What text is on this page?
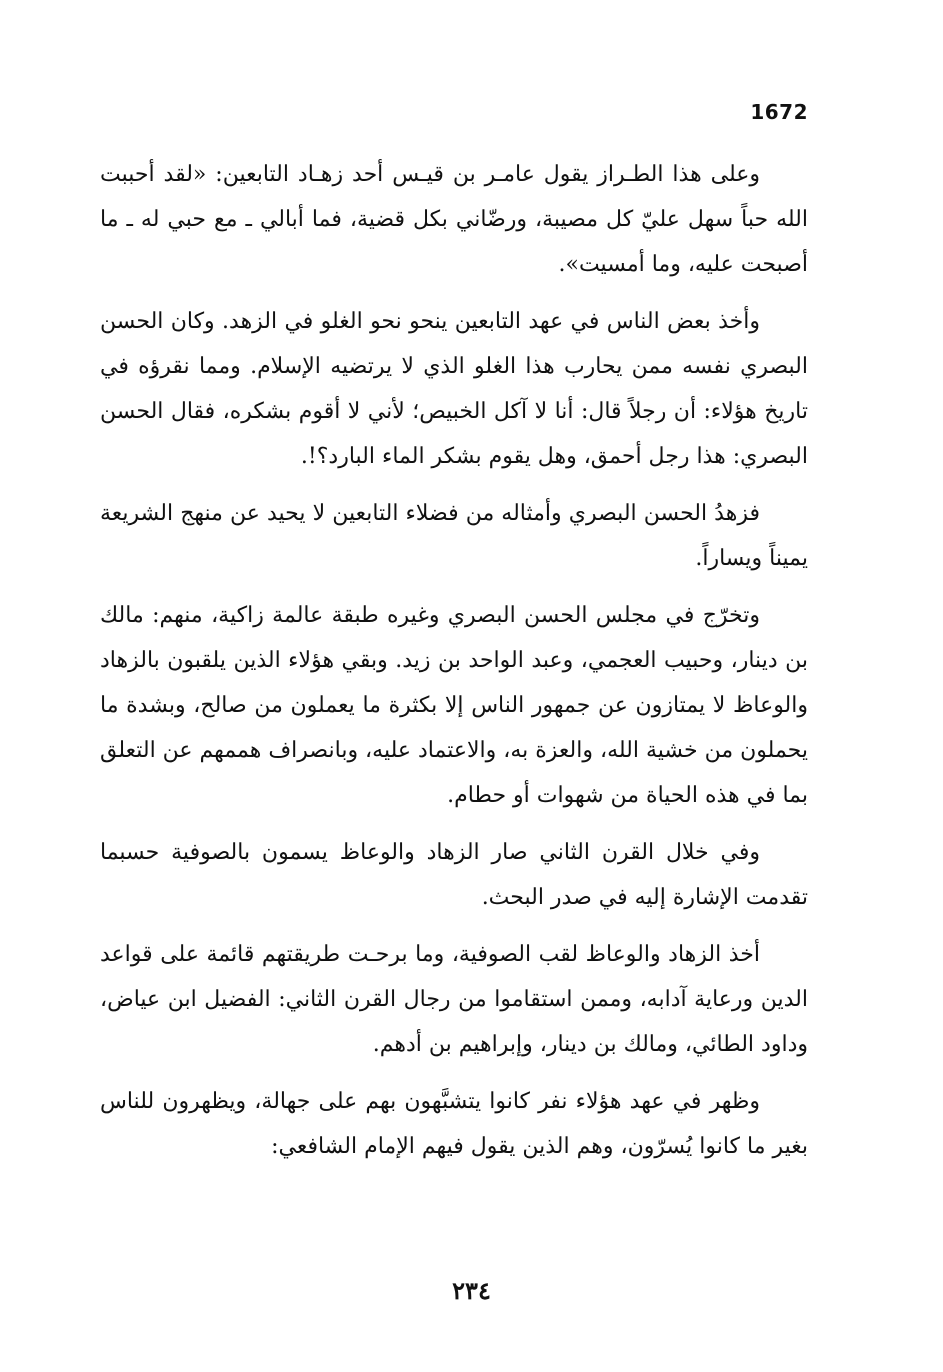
1672

وعلى هذا الطـراز يقول عامـر بن قيـس أحد زهـاد التابعين: «لقد أحببت الله حباً سهل عليّ كل مصيبة، ورضّاني بكل قضية، فما أبالي ـ مع حبي له ـ ما أصبحت عليه، وما أمسيت».

وأخذ بعض الناس في عهد التابعين ينحو نحو الغلو في الزهد. وكان الحسن البصري نفسه ممن يحارب هذا الغلو الذي لا يرتضيه الإسلام. ومما نقرؤه في تاريخ هؤلاء: أن رجلاً قال: أنا لا آكل الخبيص؛ لأني لا أقوم بشكره، فقال الحسن البصري: هذا رجل أحمق، وهل يقوم بشكر الماء البارد؟!.

فزهدُ الحسن البصري وأمثاله من فضلاء التابعين لا يحيد عن منهج الشريعة يميناً ويساراً.

وتخرّج في مجلس الحسن البصري وغيره طبقة عالمة زاكية، منهم: مالك بن دينار، وحبيب العجمي، وعبد الواحد بن زيد. وبقي هؤلاء الذين يلقبون بالزهاد والوعاظ لا يمتازون عن جمهور الناس إلا بكثرة ما يعملون من صالح، وبشدة ما يحملون من خشية الله، والعزة به، والاعتماد عليه، وبانصراف هممهم عن التعلق بما في هذه الحياة من شهوات أو حطام.

وفي خلال القرن الثاني صار الزهاد والوعاظ يسمون بالصوفية حسبما تقدمت الإشارة إليه في صدر البحث.

أخذ الزهاد والوعاظ لقب الصوفية، وما برحـت طريقتهم قائمة على قواعد الدين ورعاية آدابه، وممن استقاموا من رجال القرن الثاني: الفضيل ابن عياض، وداود الطائي، ومالك بن دينار، وإبراهيم بن أدهم.

وظهر في عهد هؤلاء نفر كانوا يتشبَّهون بهم على جهالة، ويظهرون للناس بغير ما كانوا يُسرّون، وهم الذين يقول فيهم الإمام الشافعي:

٢٣٤
